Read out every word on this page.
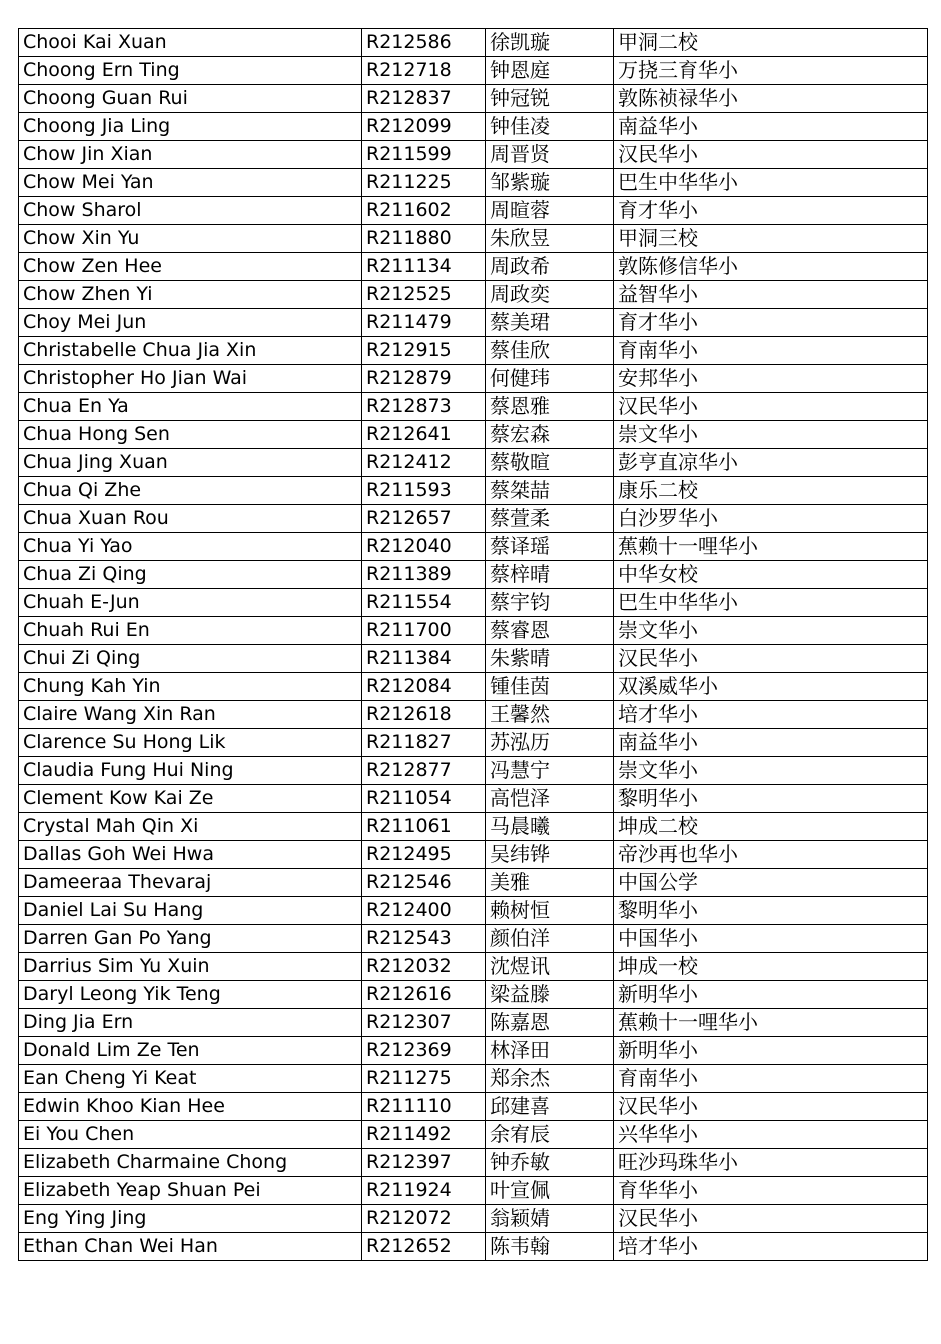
Chooi Kai Xuan	R212586	徐凯璇	甲洞二校
Choong Ern Ting	R212718	钟恩庭	万挠三育华小
Choong Guan Rui	R212837	钟冠锐	敦陈祯禄华小
Choong Jia Ling	R212099	钟佳凌	南益华小
Chow Jin Xian	R211599	周晋贤	汉民华小
Chow Mei Yan	R211225	邹紫璇	巴生中华华小
Chow Sharol	R211602	周暄蓉	育才华小
Chow Xin Yu	R211880	朱欣昱	甲洞三校
Chow Zen Hee	R211134	周政希	敦陈修信华小
Chow Zhen Yi	R212525	周政奕	益智华小
Choy Mei Jun	R211479	蔡美珺	育才华小
Christabelle Chua Jia Xin	R212915	蔡佳欣	育南华小
Christopher Ho Jian Wai	R212879	何健玮	安邦华小
Chua En Ya	R212873	蔡恩雅	汉民华小
Chua Hong Sen	R212641	蔡宏森	崇文华小
Chua Jing Xuan	R212412	蔡敬暄	彭亨直凉华小
Chua Qi Zhe	R211593	蔡桀喆	康乐二校
Chua Xuan Rou	R212657	蔡萱柔	白沙罗华小
Chua Yi Yao	R212040	蔡译瑶	蕉赖十一哩华小
Chua Zi Qing	R211389	蔡梓晴	中华女校
Chuah E-Jun	R211554	蔡宇钧	巴生中华华小
Chuah Rui En	R211700	蔡睿恩	崇文华小
Chui Zi Qing	R211384	朱紫晴	汉民华小
Chung Kah Yin	R212084	锺佳茵	双溪威华小
Claire Wang Xin Ran	R212618	王馨然	培才华小
Clarence Su Hong Lik	R211827	苏泓历	南益华小
Claudia Fung Hui Ning	R212877	冯慧宁	崇文华小
Clement Kow Kai Ze	R211054	高恺泽	黎明华小
Crystal Mah Qin Xi	R211061	马晨曦	坤成二校
Dallas Goh Wei Hwa	R212495	吴纬铧	帝沙再也华小
Dameeraa Thevaraj	R212546	美雅	中国公学
Daniel Lai Su Hang	R212400	赖树恒	黎明华小
Darren Gan Po Yang	R212543	颜伯洋	中国华小
Darrius Sim Yu Xuin	R212032	沈煜讯	坤成一校
Daryl Leong Yik Teng	R212616	梁益滕	新明华小
Ding Jia Ern	R212307	陈嘉恩	蕉赖十一哩华小
Donald Lim Ze Ten	R212369	林泽田	新明华小
Ean Cheng Yi Keat	R211275	郑余杰	育南华小
Edwin Khoo Kian Hee	R211110	邱建喜	汉民华小
Ei You Chen	R211492	余宥辰	兴华华小
Elizabeth Charmaine Chong	R212397	钟乔敏	旺沙玛珠华小
Elizabeth Yeap Shuan Pei	R211924	叶宣佩	育华华小
Eng Ying Jing	R212072	翁颖婧	汉民华小
Ethan Chan Wei Han	R212652	陈韦翰	培才华小
